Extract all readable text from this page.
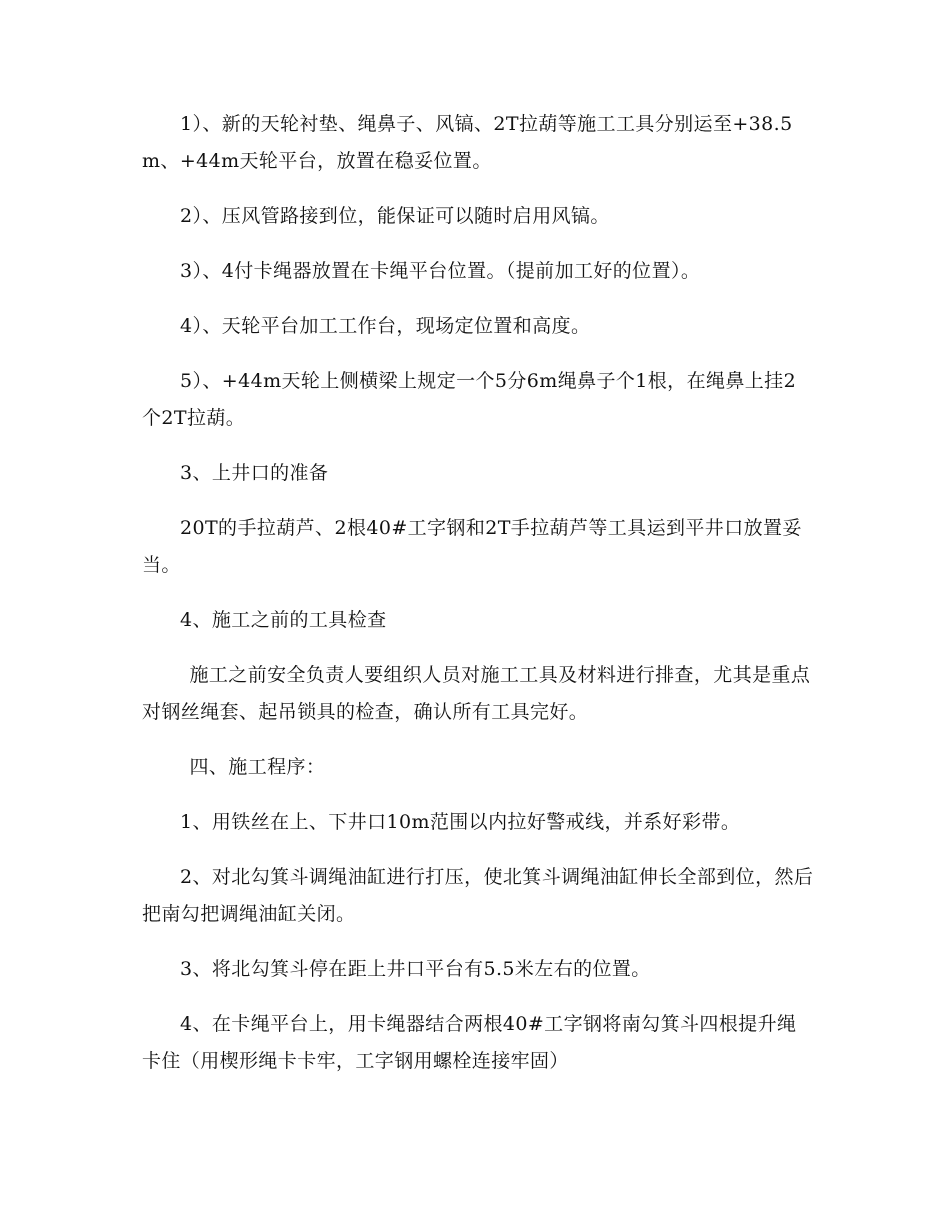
1）、新的天轮衬垫、绳鼻子、风镐、2T拉葫等施工工具分别运至+38.5m、+44m天轮平台，放置在稳妥位置。

2）、压风管路接到位，能保证可以随时启用风镐。

3）、4付卡绳器放置在卡绳平台位置。（提前加工好的位置）。

4）、天轮平台加工工作台，现场定位置和高度。

5）、+44m天轮上侧横梁上规定一个5分6m绳鼻子个1根，在绳鼻上挂2个2T拉葫。

3、上井口的准备

20T的手拉葫芦、2根40#工字钢和2T手拉葫芦等工具运到平井口放置妥当。

4、施工之前的工具检查

施工之前安全负责人要组织人员对施工工具及材料进行排查，尤其是重点对钢丝绳套、起吊锁具的检查，确认所有工具完好。

四、施工程序：

1、用铁丝在上、下井口10m范围以内拉好警戒线，并系好彩带。

2、对北勾箕斗调绳油缸进行打压，使北箕斗调绳油缸伸长全部到位，然后把南勾把调绳油缸关闭。

3、将北勾箕斗停在距上井口平台有5.5米左右的位置。

4、在卡绳平台上，用卡绳器结合两根40#工字钢将南勾箕斗四根提升绳卡住（用楔形绳卡卡牢，工字钢用螺栓连接牢固）
